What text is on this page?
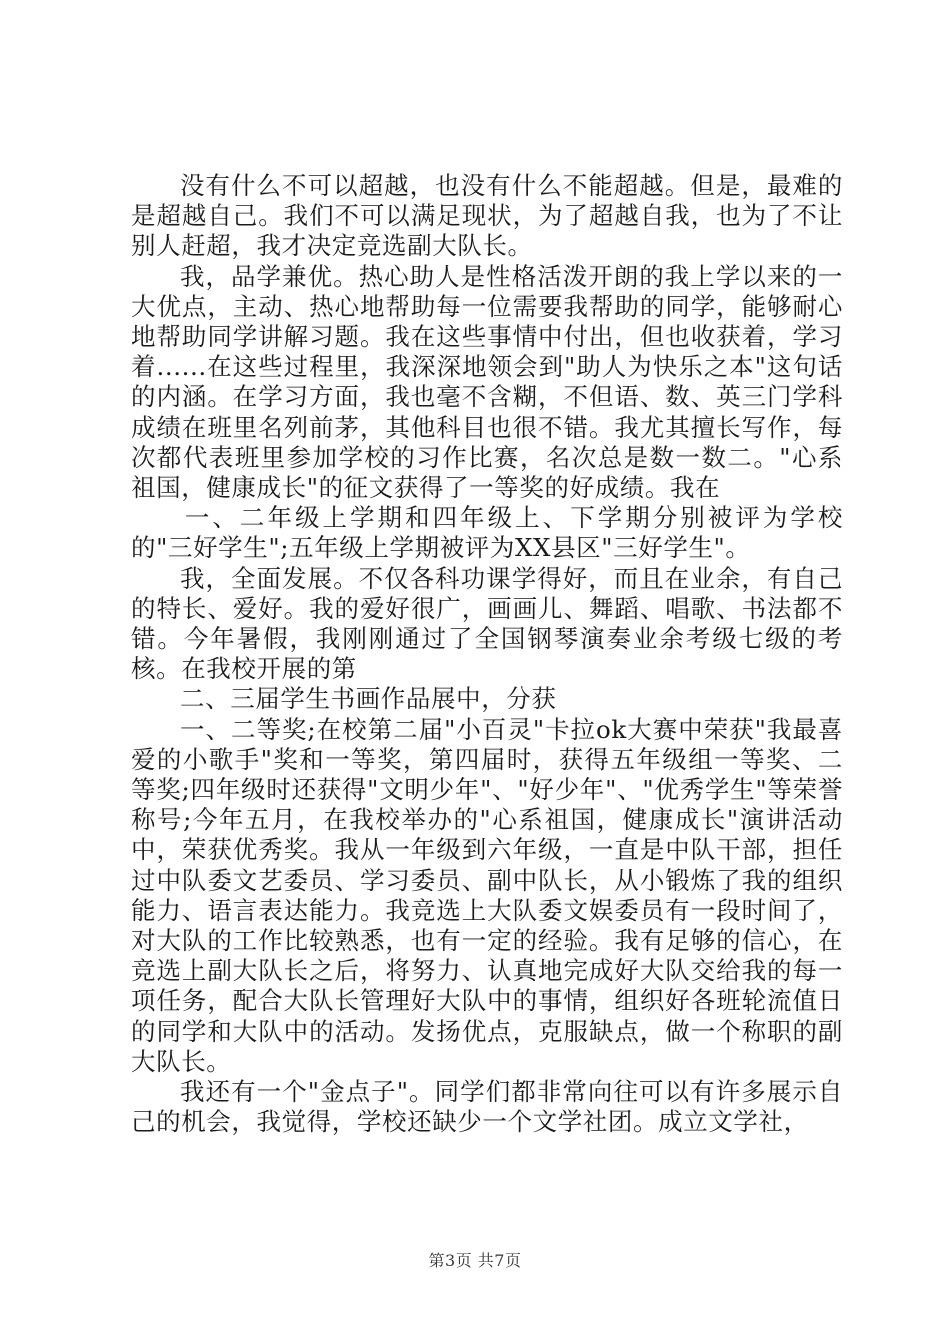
没有什么不可以超越，也没有什么不能超越。但是，最难的是超越自己。我们不可以满足现状，为了超越自我，也为了不让别人赶超，我才决定竞选副大队长。

我，品学兼优。热心助人是性格活泼开朗的我上学以来的一大优点，主动、热心地帮助每一位需要我帮助的同学，能够耐心地帮助同学讲解习题。我在这些事情中付出，但也收获着，学习着......在这些过程里，我深深地领会到"助人为快乐之本"这句话的内涵。在学习方面，我也毫不含糊，不但语、数、英三门学科成绩在班里名列前茅，其他科目也很不错。我尤其擅长写作，每次都代表班里参加学校的习作比赛，名次总是数一数二。"心系祖国，健康成长"的征文获得了一等奖的好成绩。我在

一、二年级上学期和四年级上、下学期分别被评为学校的"三好学生";五年级上学期被评为XX县区"三好学生"。

我，全面发展。不仅各科功课学得好，而且在业余，有自己的特长、爱好。我的爱好很广，画画儿、舞蹈、唱歌、书法都不错。今年暑假，我刚刚通过了全国钢琴演奏业余考级七级的考核。在我校开展的第

二、三届学生书画作品展中，分获

一、二等奖;在校第二届"小百灵"卡拉ok大赛中荣获"我最喜爱的小歌手"奖和一等奖，第四届时，获得五年级组一等奖、二等奖;四年级时还获得"文明少年"、"好少年"、"优秀学生"等荣誉称号;今年五月，在我校举办的"心系祖国，健康成长"演讲活动中，荣获优秀奖。我从一年级到六年级，一直是中队干部，担任过中队委文艺委员、学习委员、副中队长，从小锻炼了我的组织能力、语言表达能力。我竞选上大队委文娱委员有一段时间了，对大队的工作比较熟悉，也有一定的经验。我有足够的信心，在竞选上副大队长之后，将努力、认真地完成好大队交给我的每一项任务，配合大队长管理好大队中的事情，组织好各班轮流值日的同学和大队中的活动。发扬优点，克服缺点，做一个称职的副大队长。

我还有一个"金点子"。同学们都非常向往可以有许多展示自己的机会，我觉得，学校还缺少一个文学社团。成立文学社，

第3页 共7页
